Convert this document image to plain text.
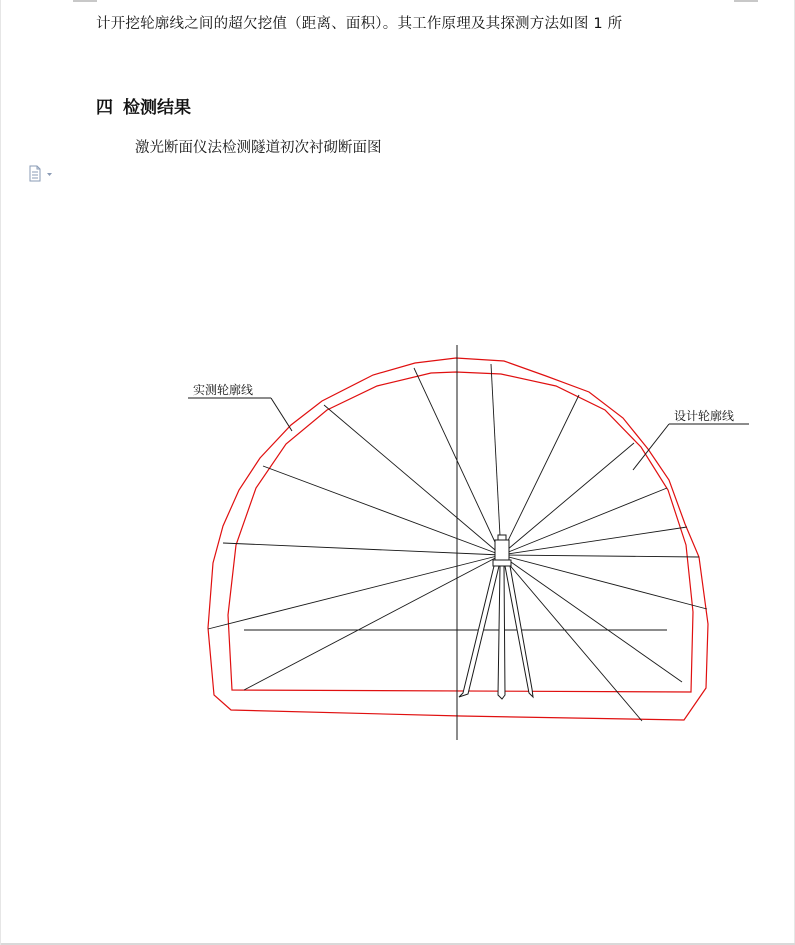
计开挖轮廓线之间的超欠挖值（距离、面积）。其工作原理及其探测方法如图 1 所
四 检测结果
激光断面仪法检测隧道初次衬砌断面图
实测轮廓线
设计轮廓线
